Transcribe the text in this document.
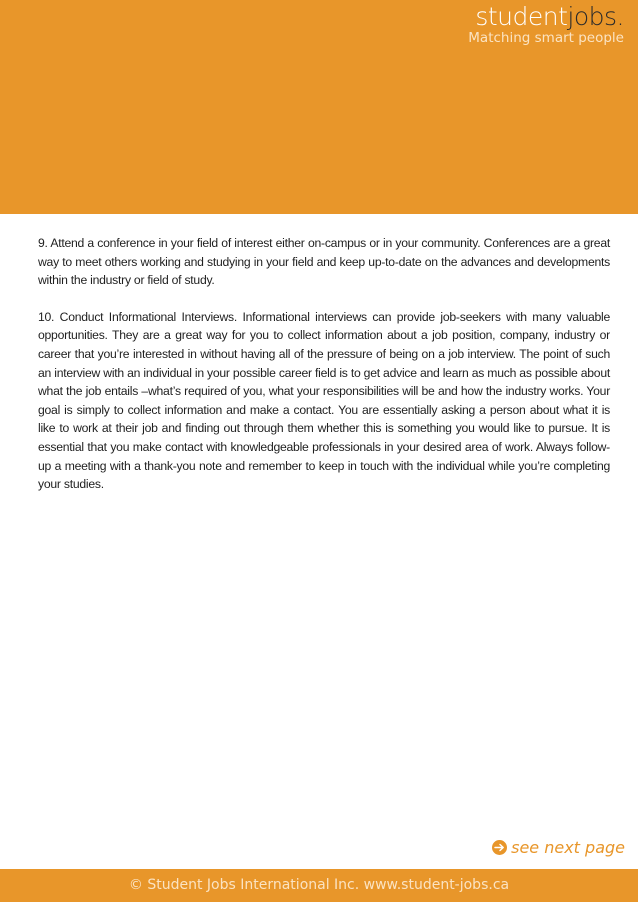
studentjobs.
Matching smart people

9. Attend a conference in your field of interest either on-campus or in your community. Conferences are a great way to meet others working and studying in your field and keep up-to-date on the advances and developments within the industry or field of study.

10. Conduct Informational Interviews. Informational interviews can provide job-seekers with many valuable opportunities. They are a great way for you to collect information about a job position, company, industry or career that you’re interested in without having all of the pressure of being on a job interview. The point of such an interview with an individual in your possible career field is to get advice and learn as much as possible about what the job entails –what’s required of you, what your responsibilities will be and how the industry works. Your goal is simply to collect information and make a contact. You are essentially asking a person about what it is like to work at their job and finding out through them whether this is something you would like to pursue. It is essential that you make contact with knowledgeable professionals in your desired area of work. Always follow-up a meeting with a thank-you note and remember to keep in touch with the individual while you’re completing your studies.

see next page
© Student Jobs International Inc. www.student-jobs.ca
